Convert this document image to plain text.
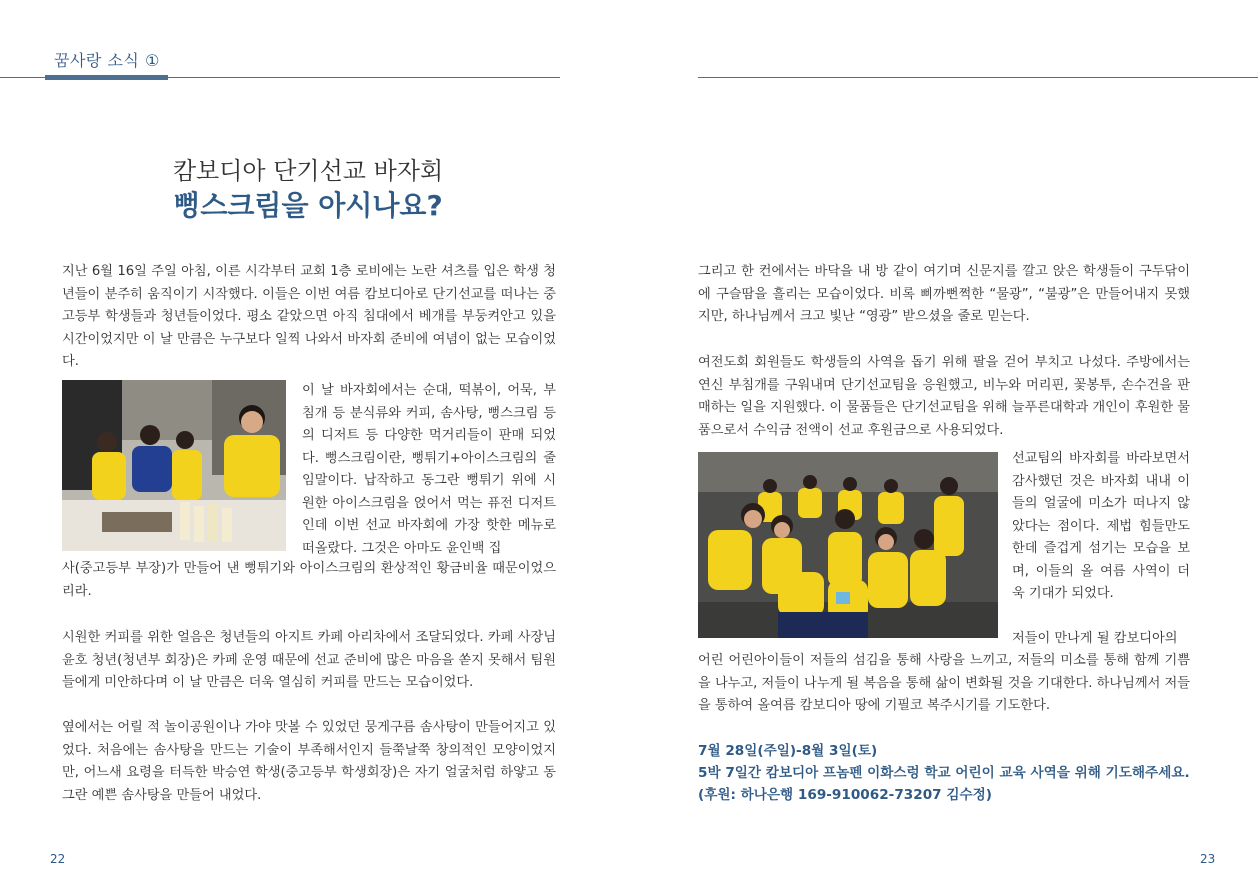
꿈사랑 소식 ①
캄보디아 단기선교 바자회
뻥스크림을 아시나요?

지난 6월 16일 주일 아침, 이른 시각부터 교회 1층 로비에는 노란 셔츠를 입은 학생 청년들이 분주히 움직이기 시작했다. 이들은 이번 여름 캄보디아로 단기선교를 떠나는 중고등부 학생들과 청년들이었다. 평소 같았으면 아직 침대에서 베개를 부둥켜안고 있을 시간이었지만 이 날 만큼은 누구보다 일찍 나와서 바자회 준비에 여념이 없는 모습이었다.

이 날 바자회에서는 순대, 떡볶이, 어묵, 부침개 등 분식류와 커피, 솜사탕, 뻥스크림 등의 디저트 등 다양한 먹거리들이 판매 되었다. 뻥스크림이란, 뻥튀기+아이스크림의 줄임말이다. 납작하고 동그란 뻥튀기 위에 시원한 아이스크림을 얹어서 먹는 퓨전 디저트인데 이번 선교 바자회에 가장 핫한 메뉴로 떠올랐다. 그것은 아마도 윤인백 집

사(중고등부 부장)가 만들어 낸 뻥튀기와 아이스크림의 환상적인 황금비율 때문이었으리라.

시원한 커피를 위한 얼음은 청년들의 아지트 카페 아리차에서 조달되었다. 카페 사장님 윤호 청년(청년부 회장)은 카페 운영 때문에 선교 준비에 많은 마음을 쏟지 못해서 팀원들에게 미안하다며 이 날 만큼은 더욱 열심히 커피를 만드는 모습이었다.

옆에서는 어릴 적 놀이공원이나 가야 맛볼 수 있었던 뭉게구름 솜사탕이 만들어지고 있었다. 처음에는 솜사탕을 만드는 기술이 부족해서인지 들쭉날쭉 창의적인 모양이었지만, 어느새 요령을 터득한 박승연 학생(중고등부 학생회장)은 자기 얼굴처럼 하얗고 동그란 예쁜 솜사탕을 만들어 내었다.

22

그리고 한 컨에서는 바닥을 내 방 같이 여기며 신문지를 깔고 앉은 학생들이 구두닦이에 구슬땀을 흘리는 모습이었다. 비록 삐까뻔쩍한 “물광”, “불광”은 만들어내지 못했지만, 하나님께서 크고 빛난 “영광” 받으셨을 줄로 믿는다.

여전도회 회원들도 학생들의 사역을 돕기 위해 팔을 걷어 부치고 나섰다. 주방에서는 연신 부침개를 구워내며 단기선교팀을 응원했고, 비누와 머리핀, 꽃봉투, 손수건을 판매하는 일을 지원했다. 이 물품들은 단기선교팀을 위해 늘푸른대학과 개인이 후원한 물품으로서 수익금 전액이 선교 후원금으로 사용되었다.

선교팀의 바자회를 바라보면서 감사했던 것은 바자회 내내 이들의 얼굴에 미소가 떠나지 않았다는 점이다. 제법 힘들만도 한데 즐겁게 섬기는 모습을 보며, 이들의 올 여름 사역이 더욱 기대가 되었다.

저들이 만나게 될 캄보디아의

어린 어린아이들이 저들의 섬김을 통해 사랑을 느끼고, 저들의 미소를 통해 함께 기쁨을 나누고, 저들이 나누게 될 복음을 통해 삶이 변화될 것을 기대한다. 하나님께서 저들을 통하여 올여름 캄보디아 땅에 기필코 복주시기를 기도한다.

7월 28일(주일)-8월 3일(토)

5박 7일간 캄보디아 프놈펜 이화스렁 학교 어린이 교육 사역을 위해 기도해주세요.

(후원: 하나은행 169-910062-73207 김수정)

23
